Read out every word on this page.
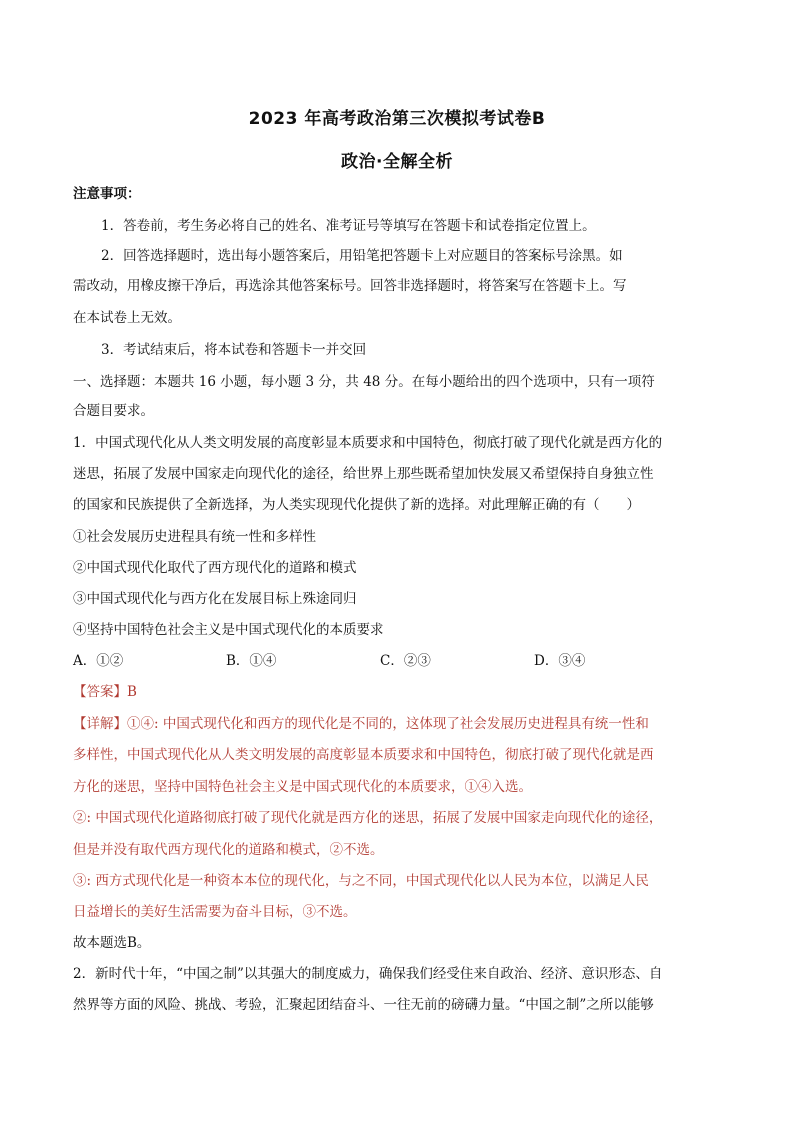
2023 年高考政治第三次模拟考试卷B
政治·全解全析
注意事项：
1．答卷前，考生务必将自己的姓名、准考证号等填写在答题卡和试卷指定位置上。
2．回答选择题时，选出每小题答案后，用铅笔把答题卡上对应题目的答案标号涂黑。如
需改动，用橡皮擦干净后，再选涂其他答案标号。回答非选择题时，将答案写在答题卡上。写
在本试卷上无效。
3．考试结束后，将本试卷和答题卡一并交回
一、选择题：本题共 16 小题，每小题 3 分，共 48 分。在每小题给出的四个选项中，只有一项符
合题目要求。
1．中国式现代化从人类文明发展的高度彰显本质要求和中国特色，彻底打破了现代化就是西方化的
迷思，拓展了发展中国家走向现代化的途径，给世界上那些既希望加快发展又希望保持自身独立性
的国家和民族提供了全新选择，为人类实现现代化提供了新的选择。对此理解正确的有（　　）
①社会发展历史进程具有统一性和多样性
②中国式现代化取代了西方现代化的道路和模式
③中国式现代化与西方化在发展目标上殊途同归
④坚持中国特色社会主义是中国式现代化的本质要求
A．①②	B．①④	C．②③	D．③④
【答案】B
【详解】①④: 中国式现代化和西方的现代化是不同的，这体现了社会发展历史进程具有统一性和
多样性，中国式现代化从人类文明发展的高度彰显本质要求和中国特色，彻底打破了现代化就是西
方化的迷思，坚持中国特色社会主义是中国式现代化的本质要求，①④入选。
②: 中国式现代化道路彻底打破了现代化就是西方化的迷思，拓展了发展中国家走向现代化的途径，
但是并没有取代西方现代化的道路和模式，②不选。
③: 西方式现代化是一种资本本位的现代化，与之不同，中国式现代化以人民为本位，以满足人民
日益增长的美好生活需要为奋斗目标，③不选。
故本题选B。
2．新时代十年，“中国之制”以其强大的制度威力，确保我们经受住来自政治、经济、意识形态、自
然界等方面的风险、挑战、考验，汇聚起团结奋斗、一往无前的磅礴力量。“中国之制”之所以能够
